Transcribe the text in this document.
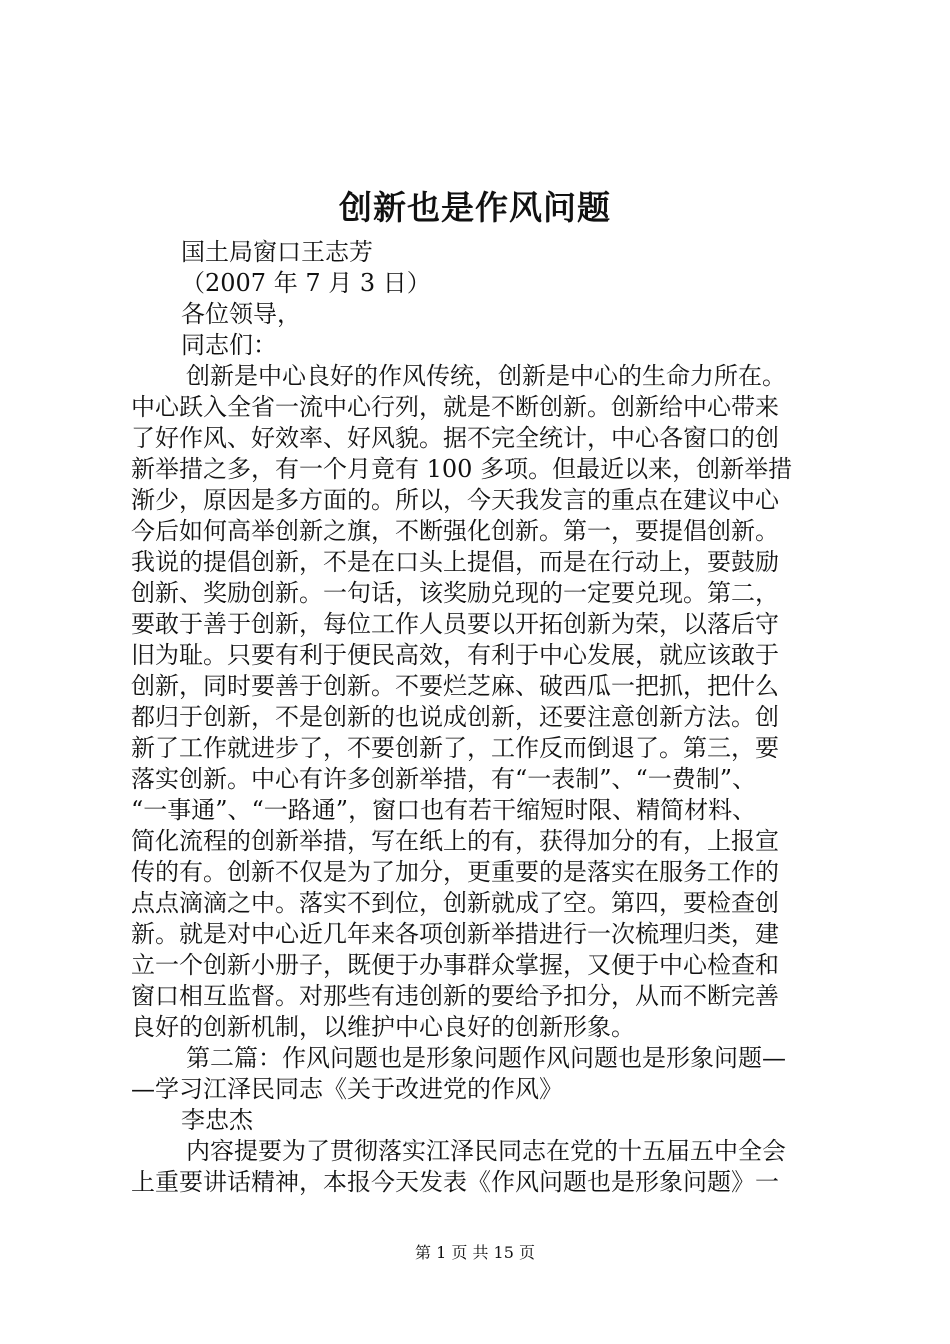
创新也是作风问题
国土局窗口王志芳
（2007 年 7 月 3 日）
各位领导，
同志们：
创新是中心良好的作风传统，创新是中心的生命力所在。
中心跃入全省一流中心行列，就是不断创新。创新给中心带来
了好作风、好效率、好风貌。据不完全统计，中心各窗口的创
新举措之多，有一个月竟有 100 多项。但最近以来，创新举措
渐少，原因是多方面的。所以，今天我发言的重点在建议中心
今后如何高举创新之旗，不断强化创新。第一，要提倡创新。
我说的提倡创新，不是在口头上提倡，而是在行动上，要鼓励
创新、奖励创新。一句话，该奖励兑现的一定要兑现。第二，
要敢于善于创新，每位工作人员要以开拓创新为荣，以落后守
旧为耻。只要有利于便民高效，有利于中心发展，就应该敢于
创新，同时要善于创新。不要烂芝麻、破西瓜一把抓，把什么
都归于创新，不是创新的也说成创新，还要注意创新方法。创
新了工作就进步了，不要创新了，工作反而倒退了。第三，要
落实创新。中心有许多创新举措，有“一表制”、“一费制”、
“一事通”、“一路通”，窗口也有若干缩短时限、精简材料、
简化流程的创新举措，写在纸上的有，获得加分的有，上报宣
传的有。创新不仅是为了加分，更重要的是落实在服务工作的
点点滴滴之中。落实不到位，创新就成了空。第四，要检查创
新。就是对中心近几年来各项创新举措进行一次梳理归类，建
立一个创新小册子，既便于办事群众掌握，又便于中心检查和
窗口相互监督。对那些有违创新的要给予扣分，从而不断完善
良好的创新机制，以维护中心良好的创新形象。
第二篇：作风问题也是形象问题作风问题也是形象问题—
—学习江泽民同志《关于改进党的作风》
李忠杰
内容提要为了贯彻落实江泽民同志在党的十五届五中全会
上重要讲话精神，本报今天发表《作风问题也是形象问题》一
第 1 页 共 15 页
